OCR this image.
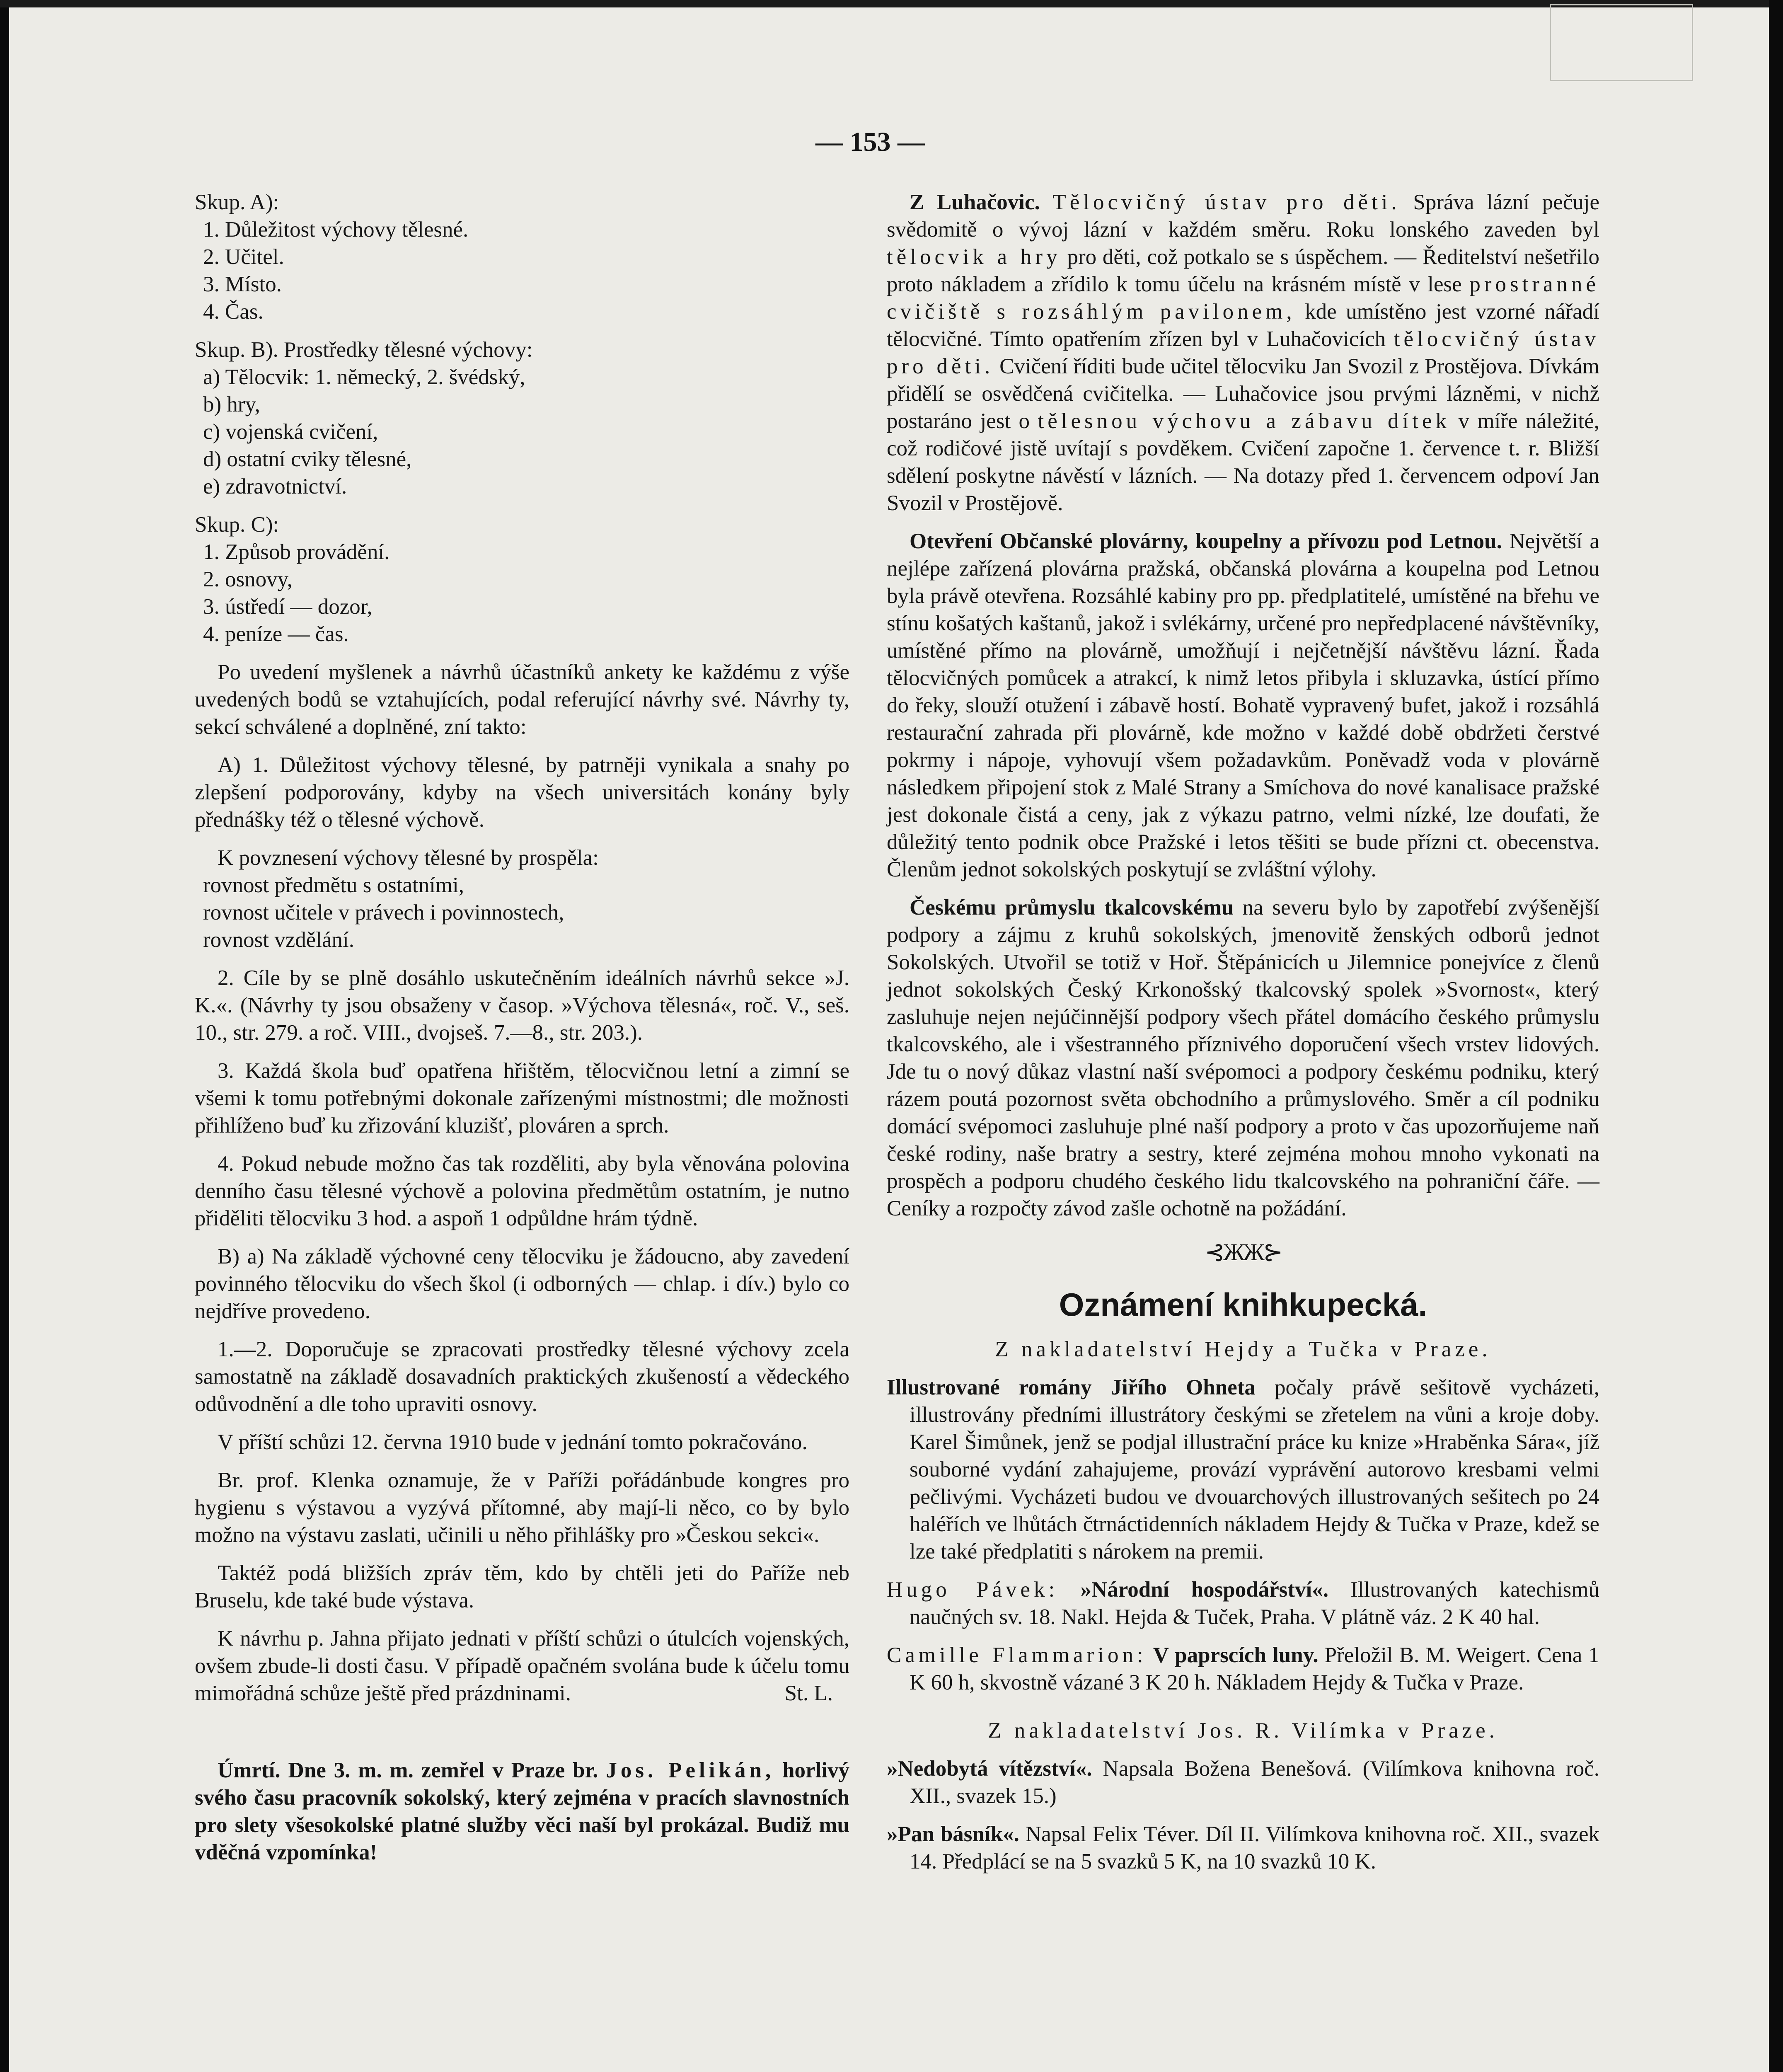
— 153 —

Skup. A):

1. Důležitost výchovy tělesné.

2. Učitel.

3. Místo.

4. Čas.

Skup. B). Prostředky tělesné výchovy:

a) Tělocvik: 1. německý, 2. švédský,

b) hry,

c) vojenská cvičení,

d) ostatní cviky tělesné,

e) zdravotnictví.

Skup. C):

1. Způsob provádění.

2. osnovy,

3. ústředí — dozor,

4. peníze — čas.

Po uvedení myšlenek a návrhů účastníků ankety ke každému z výše uvedených bodů se vztahujících, podal referující návrhy své. Návrhy ty, sekcí schválené a doplněné, zní takto:

A) 1. Důležitost výchovy tělesné, by patrněji vynikala a snahy po zlepšení podporovány, kdyby na všech universitách konány byly přednášky též o tělesné výchově.

K povznesení výchovy tělesné by prospěla:

rovnost předmětu s ostatními,

rovnost učitele v právech i povinnostech,

rovnost vzdělání.

2. Cíle by se plně dosáhlo uskutečněním ideálních návrhů sekce »J. K.«. (Návrhy ty jsou obsaženy v časop. »Výchova tělesná«, roč. V., seš. 10., str. 279. a roč. VIII., dvojseš. 7.—8., str. 203.).

3. Každá škola buď opatřena hřištěm, tělocvičnou letní a zimní se všemi k tomu potřebnými dokonale zařízenými místnostmi; dle možnosti přihlíženo buď ku zřizování kluzišť, plováren a sprch.

4. Pokud nebude možno čas tak rozděliti, aby byla věnována polovina denního času tělesné výchově a polovina předmětům ostatním, je nutno přiděliti tělocviku 3 hod. a aspoň 1 odpůldne hrám týdně.

B) a) Na základě výchovné ceny tělocviku je žádoucno, aby zavedení povinného tělocviku do všech škol (i odborných — chlap. i dív.) bylo co nejdříve provedeno.

1.—2. Doporučuje se zpracovati prostředky tělesné výchovy zcela samostatně na základě dosavadních praktických zkušeností a vědeckého odůvodnění a dle toho upraviti osnovy.

V příští schůzi 12. června 1910 bude v jednání tomto pokračováno.

Br. prof. Klenka oznamuje, že v Paříži pořádánbude kongres pro hygienu s výstavou a vyzývá přítomné, aby mají-li něco, co by bylo možno na výstavu zaslati, učinili u něho přihlášky pro »Českou sekci«.

Taktéž podá bližších zpráv těm, kdo by chtěli jeti do Paříže neb Bruselu, kde také bude výstava.

K návrhu p. Jahna přijato jednati v příští schůzi o útulcích vojenských, ovšem zbude-li dosti času. V případě opačném svolána bude k účelu tomu mimořádná schůze ještě před prázdninami.	St. L.

Úmrtí. Dne 3. m. m. zemřel v Praze br. Jos. Pelikán, horlivý svého času pracovník sokolský, který zejména v pracích slavnostních pro slety všesokolské platné služby věci naší byl prokázal. Budiž mu vděčná vzpomínka!

Z Luhačovic. Tělocvičný ústav pro děti. Správa lázní pečuje svědomitě o vývoj lázní v každém směru. Roku lonského zaveden byl tělocvik a hry pro děti, což potkalo se s úspěchem. — Ředitelství nešetřilo proto nákladem a zřídilo k tomu účelu na krásném místě v lese prostranné cvičiště s rozsáhlým pavilonem, kde umístěno jest vzorné nářadí tělocvičné. Tímto opatřením zřízen byl v Luhačovicích tělocvičný ústav pro děti. Cvičení říditi bude učitel tělocviku Jan Svozil z Prostějova. Dívkám přidělí se osvědčená cvičitelka. — Luhačovice jsou prvými lázněmi, v nichž postaráno jest o tělesnou výchovu a zábavu dítek v míře náležité, což rodičové jistě uvítají s povděkem. Cvičení započne 1. července t. r. Bližší sdělení poskytne návěstí v lázních. — Na dotazy před 1. červencem odpoví Jan Svozil v Prostějově.

Otevření Občanské plovárny, koupelny a přívozu pod Letnou. Největší a nejlépe zařízená plovárna pražská, občanská plovárna a koupelna pod Letnou byla právě otevřena. Rozsáhlé kabiny pro pp. předplatitelé, umístěné na břehu ve stínu košatých kaštanů, jakož i svlékárny, určené pro nepředplacené návštěvníky, umístěné přímo na plovárně, umožňují i nejčetnější návštěvu lázní. Řada tělocvičných pomůcek a atrakcí, k nimž letos přibyla i skluzavka, ústící přímo do řeky, slouží otužení i zábavě hostí. Bohatě vypravený bufet, jakož i rozsáhlá restaurační zahrada při plovárně, kde možno v každé době obdržeti čerstvé pokrmy i nápoje, vyhovují všem požadavkům. Poněvadž voda v plovárně následkem připojení stok z Malé Strany a Smíchova do nové kanalisace pražské jest dokonale čistá a ceny, jak z výkazu patrno, velmi nízké, lze doufati, že důležitý tento podnik obce Pražské i letos těšiti se bude přízni ct. obecenstva. Členům jednot sokolských poskytují se zvláštní výlohy.

Českému průmyslu tkalcovskému na severu bylo by zapotřebí zvýšenější podpory a zájmu z kruhů sokolských, jmenovitě ženských odborů jednot Sokolských. Utvořil se totiž v Hoř. Štěpánicích u Jilemnice ponejvíce z členů jednot sokolských Český Krkonošský tkalcovský spolek »Svornost«, který zasluhuje nejen nejúčinnější podpory všech přátel domácího českého průmyslu tkalcovského, ale i všestranného příznivého doporučení všech vrstev lidových. Jde tu o nový důkaz vlastní naší svépomoci a podpory českému podniku, který rázem poutá pozornost světa obchodního a průmyslového. Směr a cíl podniku domácí svépomoci zasluhuje plné naší podpory a proto v čas upozorňujeme naň české rodiny, naše bratry a sestry, které zejména mohou mnoho vykonati na prospěch a podporu chudého českého lidu tkalcovského na pohraniční čáře. — Ceníky a rozpočty závod zašle ochotně na požádání.

⊰ЖЖ⊱
Oznámení knihkupecká.

Z nakladatelství Hejdy a Tučka v Praze.

Illustrované romány Jiřího Ohneta počaly právě sešitově vycházeti, illustrovány předními illustrátory českými se zřetelem na vůni a kroje doby. Karel Šimůnek, jenž se podjal illustrační práce ku knize »Hraběnka Sára«, jíž souborné vydání zahajujeme, provází vyprávění autorovo kresbami velmi pečlivými. Vycházeti budou ve dvouarchových illustrovaných sešitech po 24 haléřích ve lhůtách čtrnáctidenních nákladem Hejdy & Tučka v Praze, kdež se lze také předplatiti s nárokem na premii.

Hugo Pávek: »Národní hospodářství«. Illustrovaných katechismů naučných sv. 18. Nakl. Hejda & Tuček, Praha. V plátně váz. 2 K 40 hal.

Camille Flammarion: V paprscích luny. Přeložil B. M. Weigert. Cena 1 K 60 h, skvostně vázané 3 K 20 h. Nákladem Hejdy & Tučka v Praze.

Z nakladatelství Jos. R. Vilímka v Praze.

»Nedobytá vítězství«. Napsala Božena Benešová. (Vilímkova knihovna roč. XII., svazek 15.)

»Pan básník«. Napsal Felix Téver. Díl II. Vilímkova knihovna roč. XII., svazek 14. Předplácí se na 5 svazků 5 K, na 10 svazků 10 K.
